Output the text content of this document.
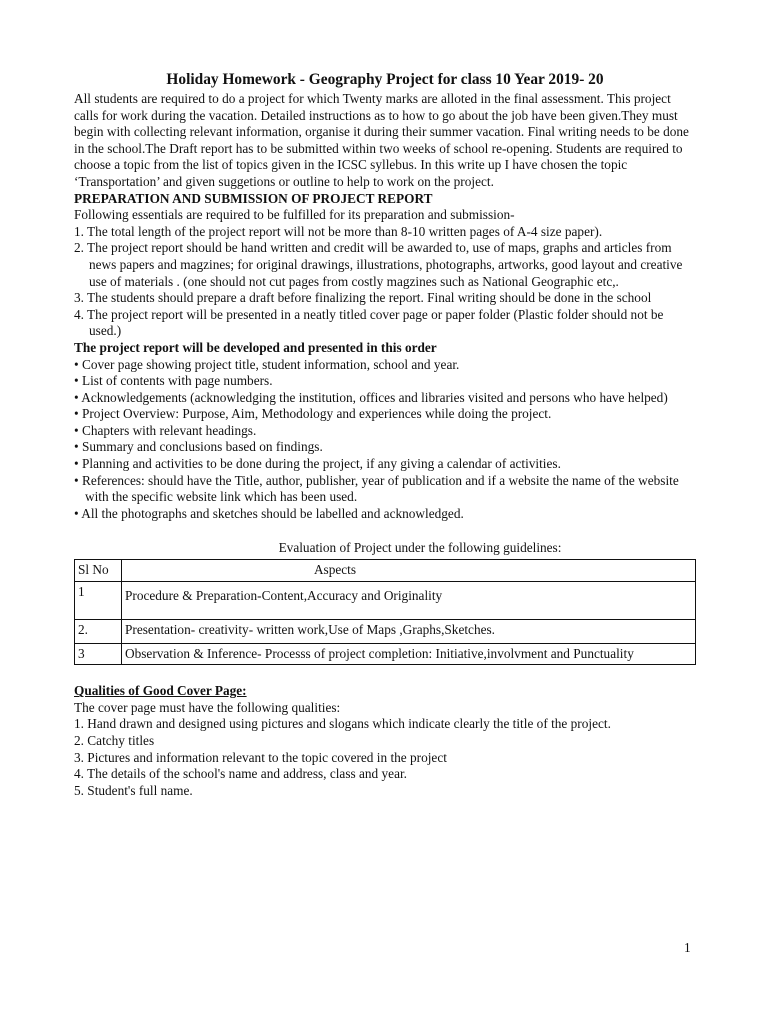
Holiday Homework - Geography Project for class 10 Year 2019- 20

All students are required to do a project for which Twenty marks are alloted in the final assessment. This project calls for work during the vacation. Detailed instructions as to how to go about the job have been given.They must begin with collecting relevant information, organise it during their summer vacation. Final writing needs to be done in the school.The Draft report has to be submitted within two weeks of school re-opening. Students are required to choose a topic from the list of topics given in the ICSC syllebus. In this write up I have chosen the topic ‘Transportation’ and given suggetions or outline to help to work on the project.

PREPARATION AND SUBMISSION OF PROJECT REPORT

Following essentials are required to be fulfilled for its preparation and submission-

1. The total length of the project report will not be more than 8-10 written pages of A-4 size paper).
2. The project report should be hand written and credit will be awarded to, use of maps, graphs and articles from news papers and magzines; for original drawings, illustrations, photographs, artworks, good layout and creative use of materials . (one should not cut pages from costly magzines such as National Geographic etc,.
3. The students should prepare a draft before finalizing the report. Final writing should be done in the school
4. The project report will be presented in a neatly titled cover page or paper folder (Plastic folder should not be used.)
The project report will be developed and presented in this order
• Cover page showing project title, student information, school and year.
• List of contents with page numbers.
• Acknowledgements (acknowledging the institution, offices and libraries visited and persons who have helped)
• Project Overview: Purpose, Aim, Methodology and experiences while doing the project.
• Chapters with relevant headings.
• Summary and conclusions based on findings.
• Planning and activities to be done during the project, if any giving a calendar of activities.
• References: should have the Title, author, publisher, year of publication and if a website the name of the website with the specific website link which has been used.
• All the photographs and sketches should be labelled and acknowledged.
Evaluation of Project under the following guidelines:
Sl No	Aspects
1	Procedure & Preparation-Content,Accuracy and Originality
2.	Presentation- creativity- written work,Use of Maps ,Graphs,Sketches.
3	Observation & Inference- Processs of project completion: Initiative,involvment and Punctuality
Qualities of Good Cover Page:

The cover page must have the following qualities:

1. Hand drawn and designed using pictures and slogans which indicate clearly the title of the project.
2. Catchy titles
3. Pictures and information relevant to the topic covered in the project
4. The details of the school's name and address, class and year.
5. Student's full name.
1
